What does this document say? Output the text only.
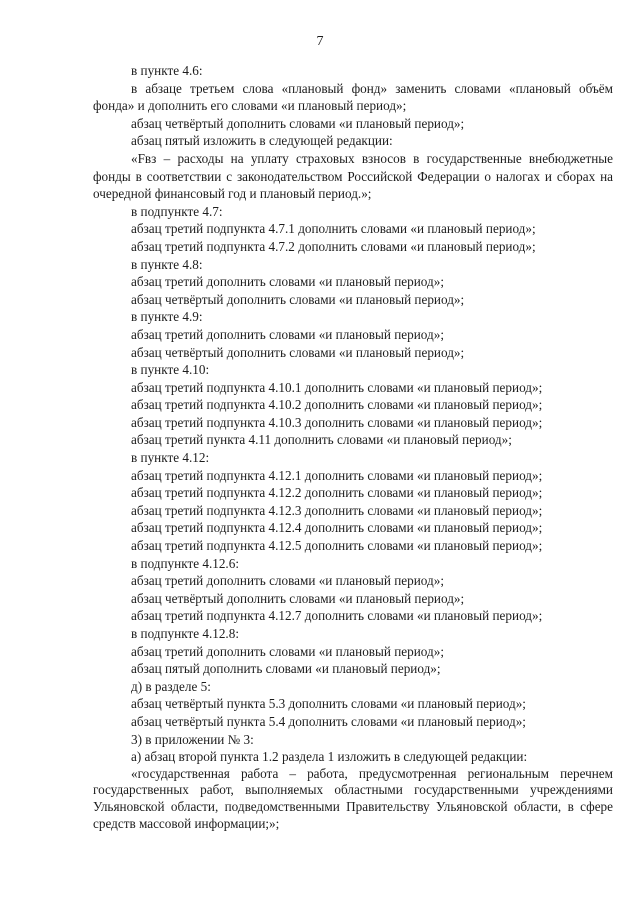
7
в пункте 4.6:
в абзаце третьем слова «плановый фонд» заменить словами «плановый объём фонда» и дополнить его словами «и плановый период»;
абзац четвёртый дополнить словами «и плановый период»;
абзац пятый изложить в следующей редакции:
«Fвз – расходы на уплату страховых взносов в государственные внебюджетные фонды в соответствии с законодательством Российской Федерации о налогах и сборах на очередной финансовый год и плановый период.»;
в подпункте 4.7:
абзац третий подпункта 4.7.1 дополнить словами «и плановый период»;
абзац третий подпункта 4.7.2 дополнить словами «и плановый период»;
в пункте 4.8:
абзац третий дополнить словами «и плановый период»;
абзац четвёртый дополнить словами «и плановый период»;
в пункте 4.9:
абзац третий дополнить словами «и плановый период»;
абзац четвёртый дополнить словами «и плановый период»;
в пункте 4.10:
абзац третий подпункта 4.10.1 дополнить словами «и плановый период»;
абзац третий подпункта 4.10.2 дополнить словами «и плановый период»;
абзац третий подпункта 4.10.3 дополнить словами «и плановый период»;
абзац третий пункта 4.11 дополнить словами «и плановый период»;
в пункте 4.12:
абзац третий подпункта 4.12.1 дополнить словами «и плановый период»;
абзац третий подпункта 4.12.2 дополнить словами «и плановый период»;
абзац третий подпункта 4.12.3 дополнить словами «и плановый период»;
абзац третий подпункта 4.12.4 дополнить словами «и плановый период»;
абзац третий подпункта 4.12.5 дополнить словами «и плановый период»;
в подпункте 4.12.6:
абзац третий дополнить словами «и плановый период»;
абзац четвёртый дополнить словами «и плановый период»;
абзац третий подпункта 4.12.7 дополнить словами «и плановый период»;
в подпункте 4.12.8:
абзац третий дополнить словами «и плановый период»;
абзац пятый дополнить словами «и плановый период»;
д) в разделе 5:
абзац четвёртый пункта 5.3 дополнить словами «и плановый период»;
абзац четвёртый пункта 5.4 дополнить словами «и плановый период»;
3) в приложении № 3:
а) абзац второй пункта 1.2 раздела 1 изложить в следующей редакции:
«государственная работа – работа, предусмотренная региональным перечнем государственных работ, выполняемых областными государственными учреждениями Ульяновской области, подведомственными Правительству Ульяновской области, в сфере средств массовой информации;»;
